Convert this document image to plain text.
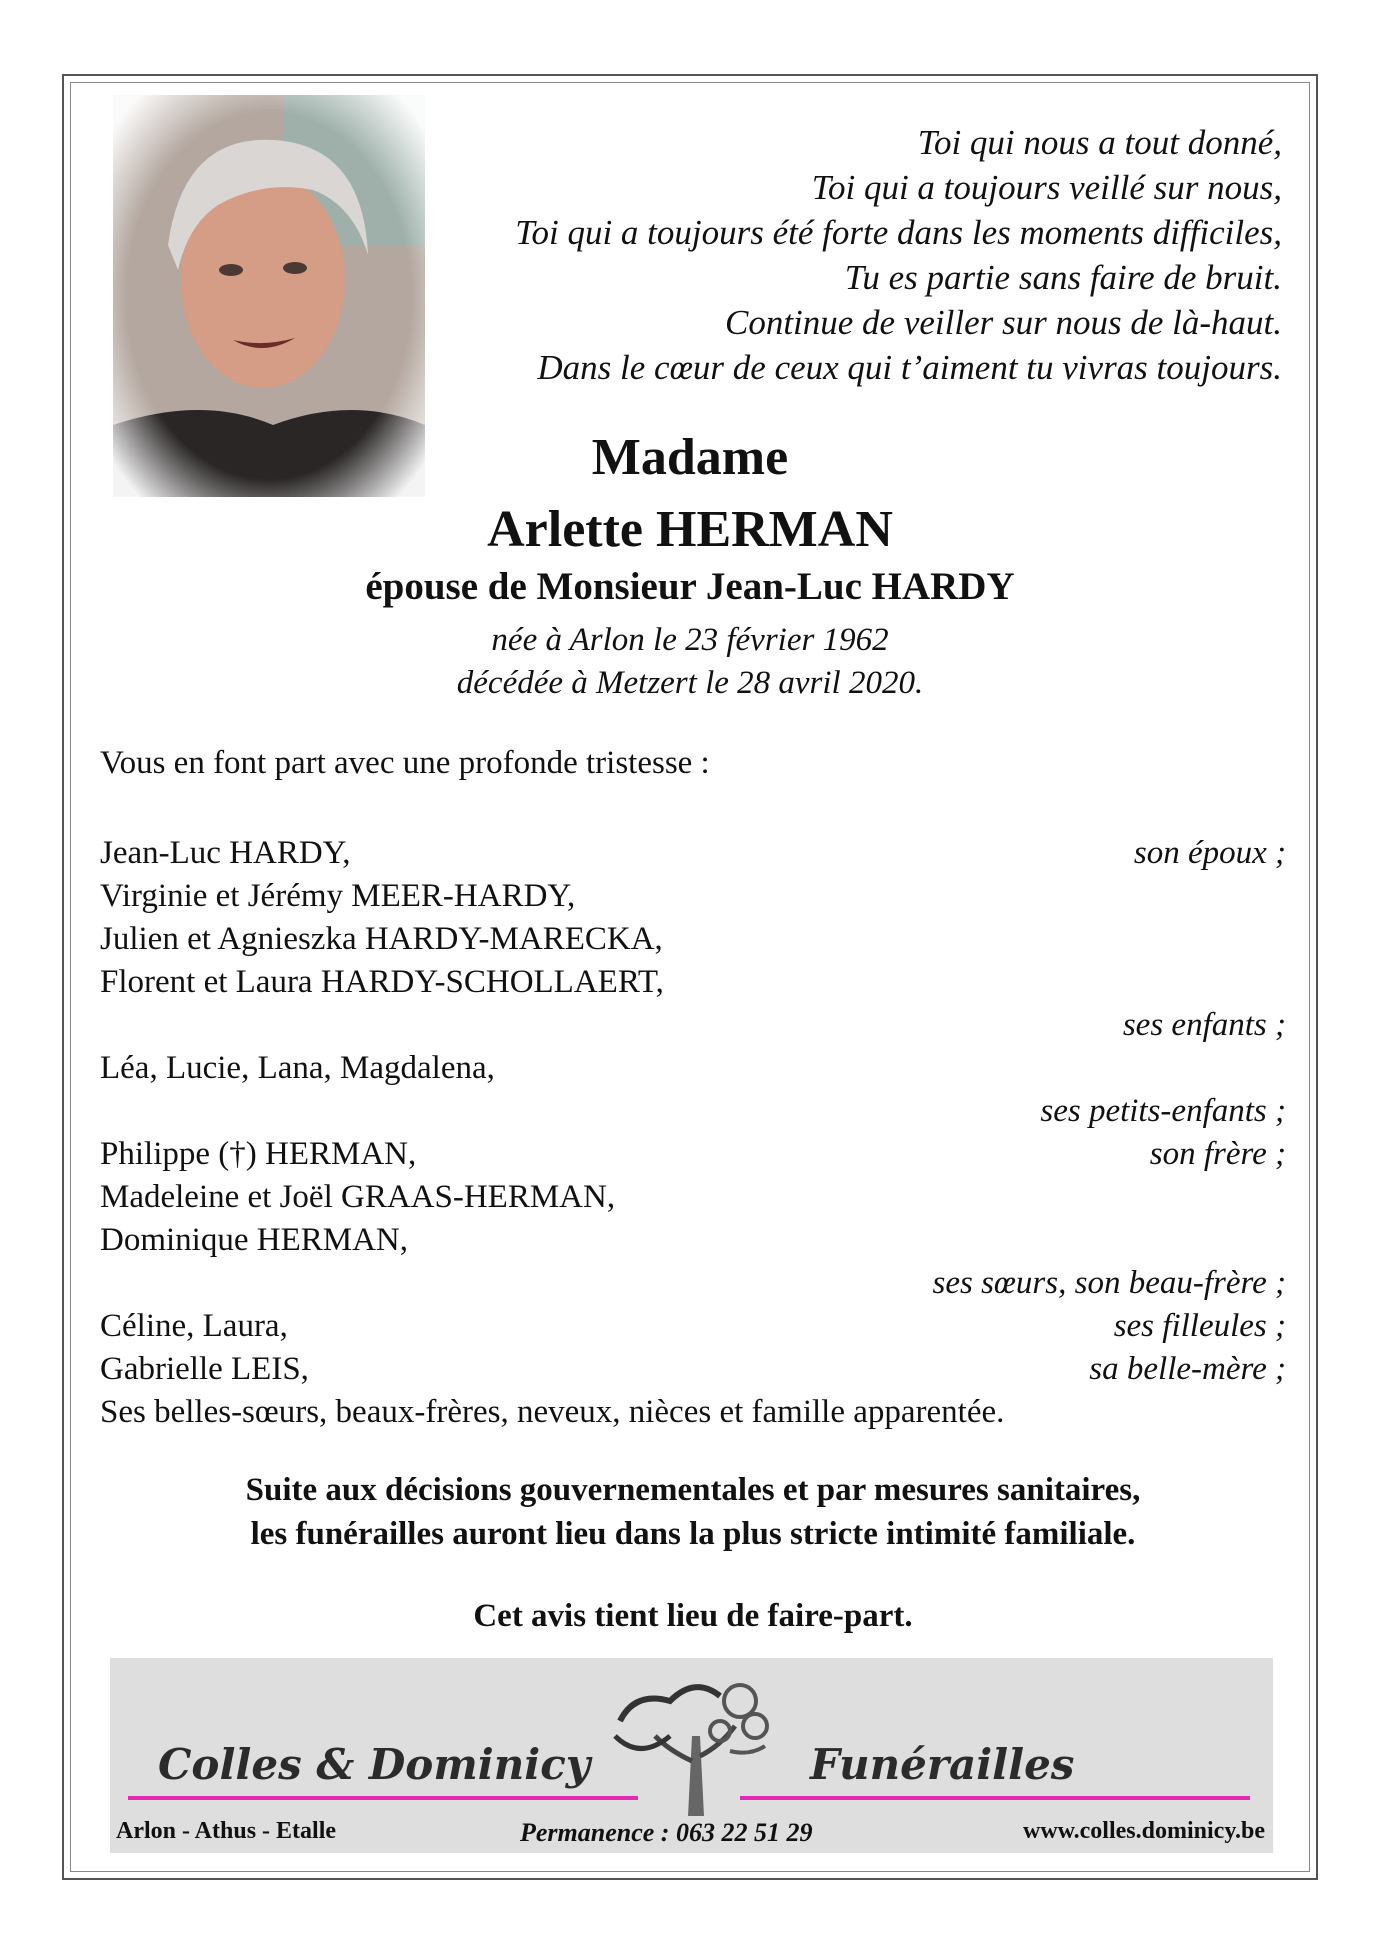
Toi qui nous a tout donné,
Toi qui a toujours veillé sur nous,
Toi qui a toujours été forte dans les moments difficiles,
Tu es partie sans faire de bruit.
Continue de veiller sur nous de là-haut.
Dans le cœur de ceux qui t’aiment tu vivras toujours.
Madame
Arlette HERMAN
épouse de Monsieur Jean-Luc HARDY
née à Arlon le 23 février 1962
décédée à Metzert le 28 avril 2020.
Vous en font part avec une profonde tristesse :
Jean-Luc HARDY,	son époux ;
Virginie et Jérémy MEER-HARDY,
Julien et Agnieszka HARDY-MARECKA,
Florent et Laura HARDY-SCHOLLAERT,
ses enfants ;
Léa, Lucie, Lana, Magdalena,
ses petits-enfants ;
Philippe (†) HERMAN,	son frère ;
Madeleine et Joël GRAAS-HERMAN,
Dominique HERMAN,
ses sœurs, son beau-frère ;
Céline, Laura,	ses filleules ;
Gabrielle LEIS,	sa belle-mère ;
Ses belles-sœurs, beaux-frères, neveux, nièces et famille apparentée.
Suite aux décisions gouvernementales et par mesures sanitaires,
les funérailles auront lieu dans la plus stricte intimité familiale.
Cet avis tient lieu de faire-part.
Colles & Dominicy	Funérailles
Arlon - Athus - Etalle	Permanence : 063 22 51 29	www.colles.dominicy.be
